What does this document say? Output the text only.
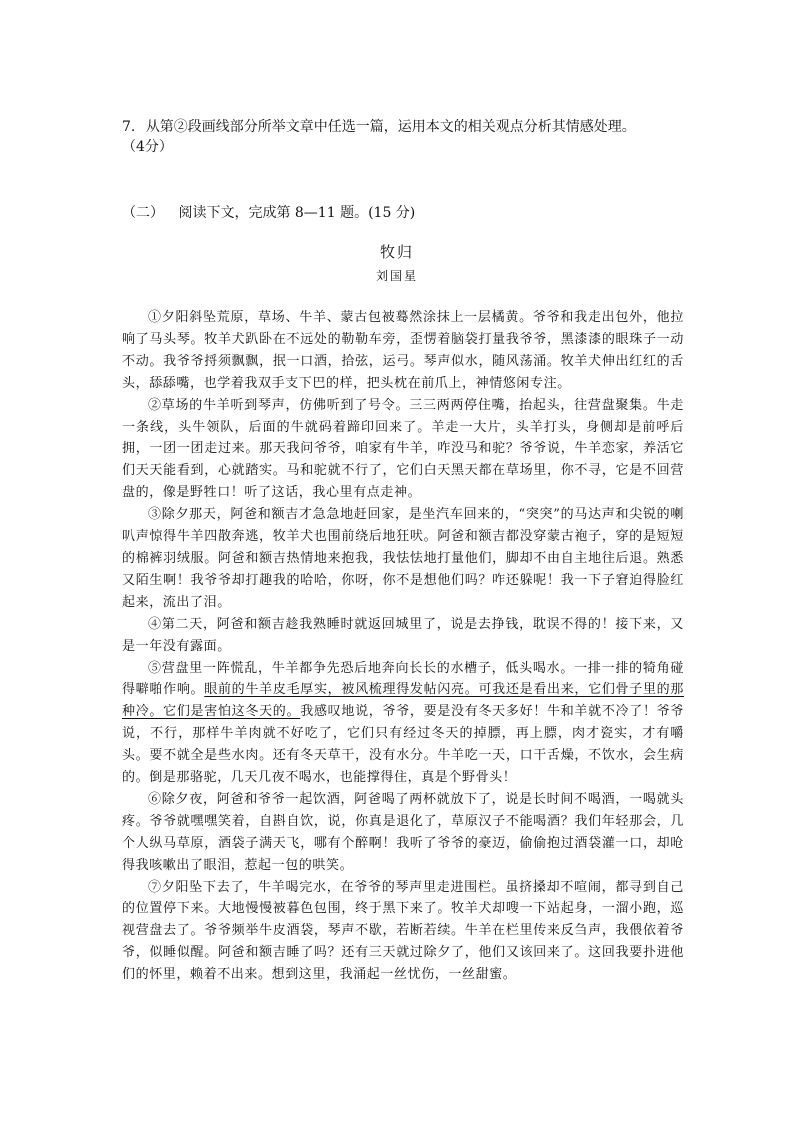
7. 从第②段画线部分所举文章中任选一篇，运用本文的相关观点分析其情感处理。
（4分）
（二） 阅读下文，完成第 8—11 题。(15 分)
牧归
刘国星

①夕阳斜坠荒原，草场、牛羊、蒙古包被蓦然涂抹上一层橘黄。爷爷和我走出包外，他拉响了马头琴。牧羊犬趴卧在不远处的勒勒车旁，歪愣着脑袋打量我爷爷，黑漆漆的眼珠子一动不动。我爷爷捋须飘飘，抿一口酒，拾弦，运弓。琴声似水，随风荡涌。牧羊犬伸出红红的舌头，舔舔嘴，也学着我双手支下巴的样，把头枕在前爪上，神情悠闲专注。

②草场的牛羊听到琴声，仿佛听到了号令。三三两两停住嘴，抬起头，往营盘聚集。牛走一条线，头牛领队，后面的牛就码着蹄印回来了。羊走一大片，头羊打头，身侧却是前呼后拥，一团一团走过来。那天我问爷爷，咱家有牛羊，咋没马和驼？爷爷说，牛羊恋家，养活它们天天能看到，心就踏实。马和驼就不行了，它们白天黑天都在草场里，你不寻，它是不回营盘的，像是野牲口！听了这话，我心里有点走神。

③除夕那天，阿爸和额吉才急急地赶回家，是坐汽车回来的，“突突”的马达声和尖锐的喇叭声惊得牛羊四散奔逃，牧羊犬也围前绕后地狂吠。阿爸和额吉都没穿蒙古袍子，穿的是短短的棉裤羽绒服。阿爸和额吉热情地来抱我，我怯怯地打量他们，脚却不由自主地往后退。熟悉又陌生啊！我爷爷却打趣我的哈哈，你呀，你不是想他们吗？咋还躲呢！我一下子窘迫得脸红起来，流出了泪。

④第二天，阿爸和额吉趁我熟睡时就返回城里了，说是去挣钱，耽误不得的！接下来，又是一年没有露面。

⑤营盘里一阵慌乱，牛羊都争先恐后地奔向长长的水槽子，低头喝水。一排一排的犄角碰得噼啪作响。眼前的牛羊皮毛厚实，被风梳理得发帖闪亮。可我还是看出来，它们骨子里的那种冷。它们是害怕这冬天的。我感叹地说，爷爷，要是没有冬天多好！牛和羊就不冷了！爷爷说，不行，那样牛羊肉就不好吃了，它们只有经过冬天的掉膘，再上膘，肉才瓷实，才有嚼头。要不就全是些水肉。还有冬天草干，没有水分。牛羊吃一天，口干舌燥，不饮水，会生病的。倒是那骆驼，几天几夜不喝水，也能撑得住，真是个野骨头！

⑥除夕夜，阿爸和爷爷一起饮酒，阿爸喝了两杯就放下了，说是长时间不喝酒，一喝就头疼。爷爷就嘿嘿笑着，自斟自饮，说，你真是退化了，草原汉子不能喝酒？我们年轻那会，几个人纵马草原，酒袋子满天飞，哪有个醉啊！我听了爷爷的豪迈，偷偷抱过酒袋灌一口，却呛得我咳嗽出了眼泪，惹起一包的哄笑。

⑦夕阳坠下去了，牛羊喝完水，在爷爷的琴声里走进围栏。虽挤搡却不喧闹，都寻到自己的位置停下来。大地慢慢被暮色包围，终于黑下来了。牧羊犬却嗖一下站起身，一溜小跑，巡视营盘去了。爷爷频举牛皮酒袋，琴声不歇，若断若续。牛羊在栏里传来反刍声，我偎依着爷爷，似睡似醒。阿爸和额吉睡了吗？还有三天就过除夕了，他们又该回来了。这回我要扑进他们的怀里，赖着不出来。想到这里，我涌起一丝忧伤，一丝甜蜜。
